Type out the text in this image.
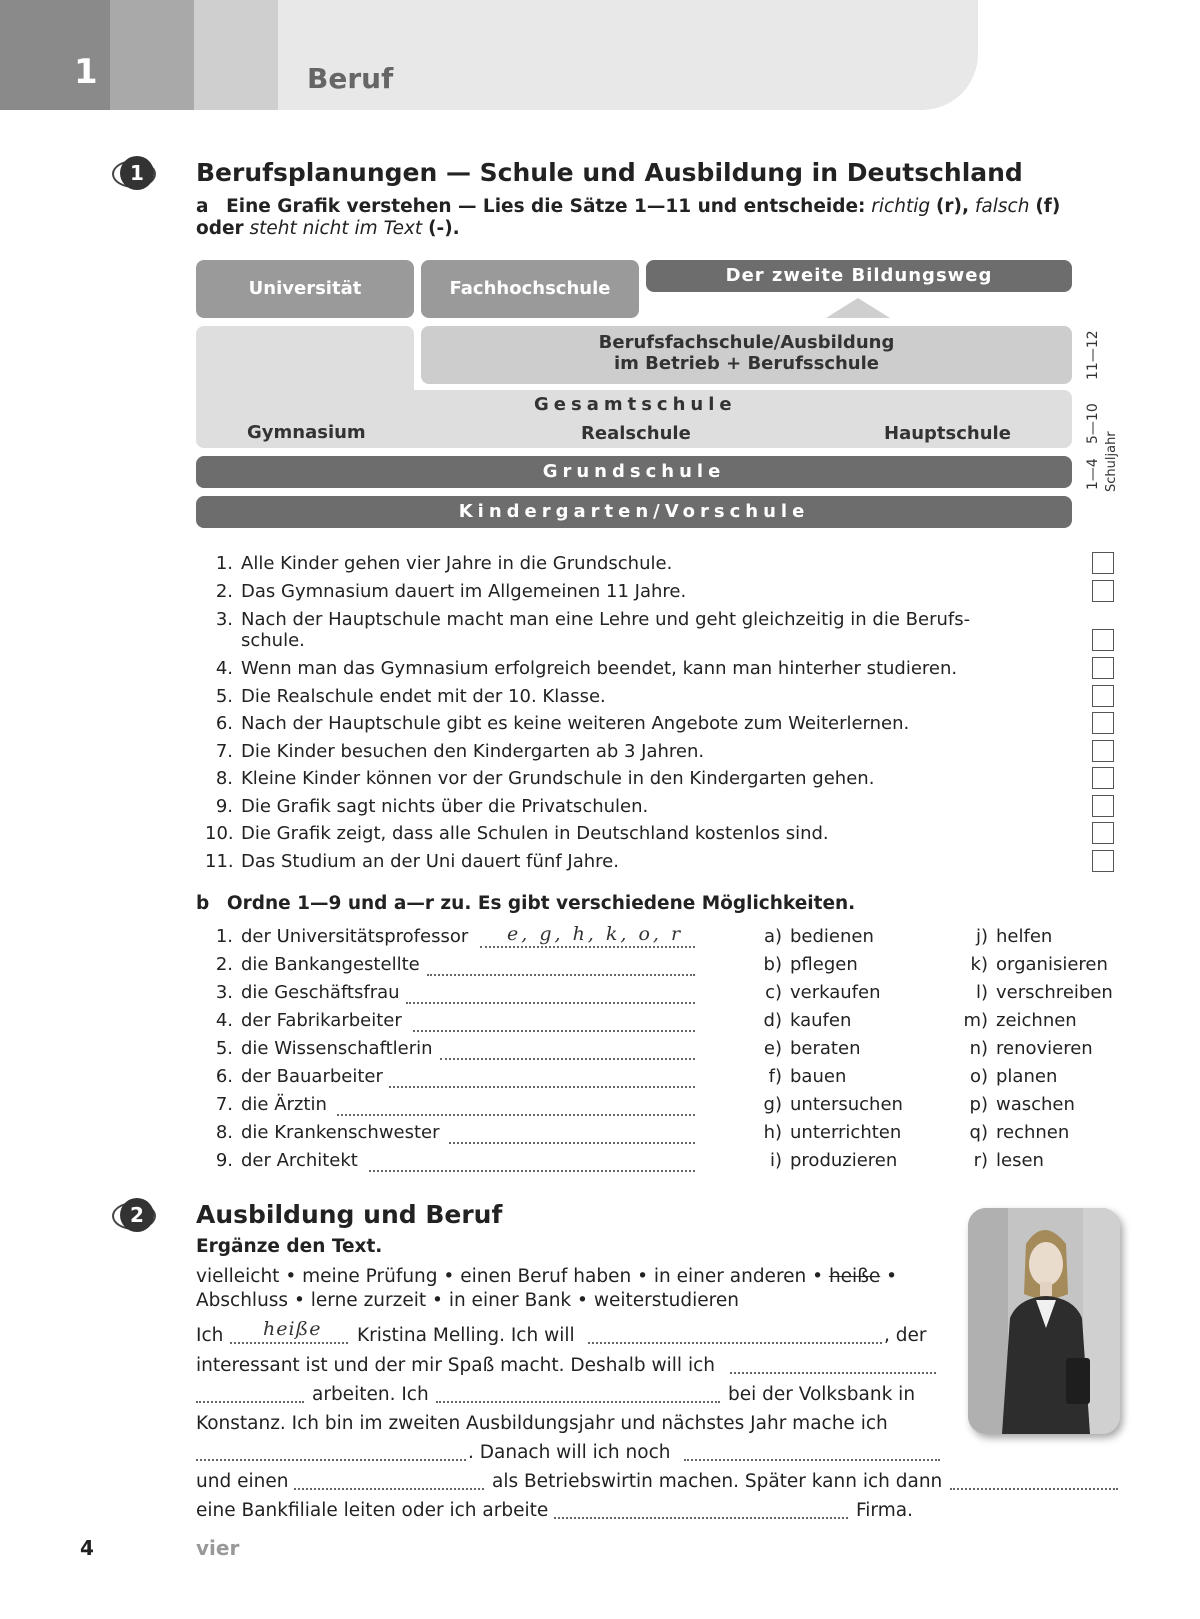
1	Beruf
1	Berufsplanungen — Schule und Ausbildung in Deutschland
a Eine Grafik verstehen — Lies die Sätze 1—11 und entscheide: richtig (r), falsch (f) oder steht nicht im Text (-).
Universität	Fachhochschule
Der zweite Bildungsweg
Berufsfachschule/Ausbildung
im Betrieb + Berufsschule
Gesamtschule
Gymnasium	Realschule	Hauptschule
Grundschule
Kindergarten/Vorschule
1—4
5—10
11—12
Schuljahr
1. Alle Kinder gehen vier Jahre in die Grundschule.
2. Das Gymnasium dauert im Allgemeinen 11 Jahre.
3. Nach der Hauptschule macht man eine Lehre und geht gleichzeitig in die Berufs-schule.
4. Wenn man das Gymnasium erfolgreich beendet, kann man hinterher studieren.
5. Die Realschule endet mit der 10. Klasse.
6. Nach der Hauptschule gibt es keine weiteren Angebote zum Weiterlernen.
7. Die Kinder besuchen den Kindergarten ab 3 Jahren.
8. Kleine Kinder können vor der Grundschule in den Kindergarten gehen.
9. Die Grafik sagt nichts über die Privatschulen.
10. Die Grafik zeigt, dass alle Schulen in Deutschland kostenlos sind.
11. Das Studium an der Uni dauert fünf Jahre.
b Ordne 1—9 und a—r zu. Es gibt verschiedene Möglichkeiten.
1. der Universitätsprofessor e, g, h, k, o, r
2. die Bankangestellte
3. die Geschäftsfrau
4. der Fabrikarbeiter
5. die Wissenschaftlerin
6. der Bauarbeiter
7. die Ärztin
8. die Krankenschwester
9. der Architekt
a) bedienen
b) pflegen
c) verkaufen
d) kaufen
e) beraten
f) bauen
g) untersuchen
h) unterrichten
i) produzieren
j) helfen
k) organisieren
l) verschreiben
m) zeichnen
n) renovieren
o) planen
p) waschen
q) rechnen
r) lesen
2	Ausbildung und Beruf
Ergänze den Text.
vielleicht • meine Prüfung • einen Beruf haben • in einer anderen • heiße •
Abschluss • lerne zurzeit • in einer Bank • weiterstudieren
Ich heiße Kristina Melling. Ich will	, der
interessant ist und der mir Spaß macht. Deshalb will ich
arbeiten. Ich	bei der Volksbank in
Konstanz. Ich bin im zweiten Ausbildungsjahr und nächstes Jahr mache ich
. Danach will ich noch
und einen	als Betriebswirtin machen. Später kann ich dann
eine Bankfiliale leiten oder ich arbeite	Firma.
4	vier
